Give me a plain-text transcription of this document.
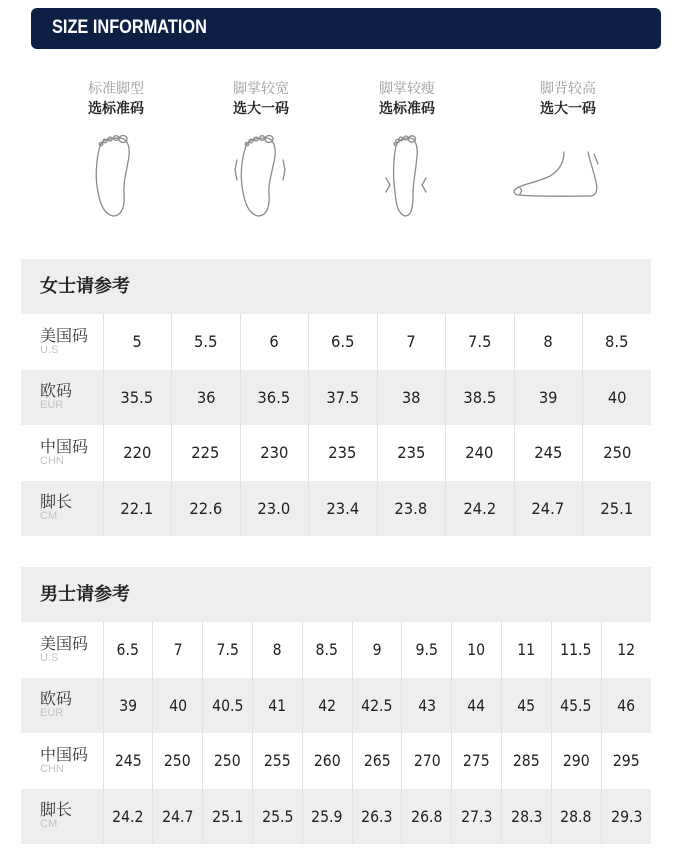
SIZE INFORMATION
标准脚型
选标准码
脚掌较宽
选大一码
脚掌较瘦
选标准码
脚背较高
选大一码
女士请参考
美国码
U.S	5	5.5	6	6.5	7	7.5	8	8.5

欧码
EUR	35.5	36	36.5	37.5	38	38.5	39	40

中国码
CHN	220	225	230	235	235	240	245	250

脚长
CM	22.1	22.6	23.0	23.4	23.8	24.2	24.7	25.1
男士请参考
美国码
U.S	6.5	7	7.5	8	8.5	9	9.5	10	11	11.5	12

欧码
EUR	39	40	40.5	41	42	42.5	43	44	45	45.5	46

中国码
CHN	245	250	250	255	260	265	270	275	285	290	295

脚长
CM	24.2	24.7	25.1	25.5	25.9	26.3	26.8	27.3	28.3	28.8	29.3
